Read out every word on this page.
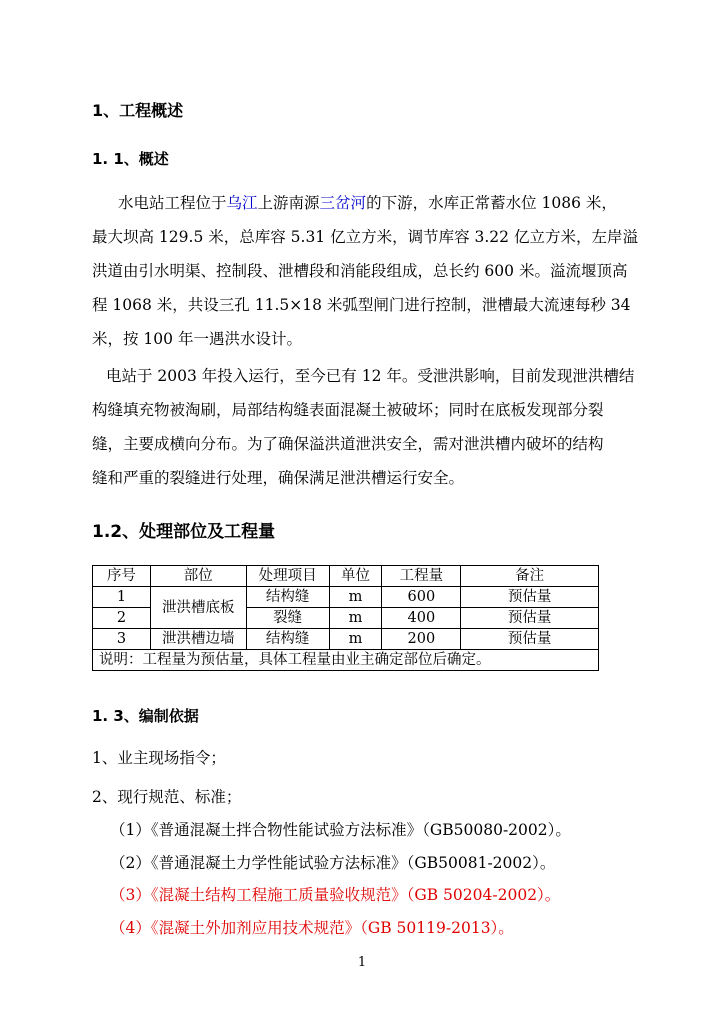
1、工程概述
1. 1、概述
水电站工程位于乌江上游南源三岔河的下游，水库正常蓄水位 1086 米，
最大坝高 129.5 米，总库容 5.31 亿立方米，调节库容 3.22 亿立方米，左岸溢
洪道由引水明渠、控制段、泄槽段和消能段组成，总长约 600 米。溢流堰顶高
程 1068 米，共设三孔 11.5×18 米弧型闸门进行控制，泄槽最大流速每秒 34
米，按 100 年一遇洪水设计。
电站于 2003 年投入运行，至今已有 12 年。受泄洪影响，目前发现泄洪槽结
构缝填充物被淘刷，局部结构缝表面混凝土被破坏；同时在底板发现部分裂
缝，主要成横向分布。为了确保溢洪道泄洪安全，需对泄洪槽内破坏的结构
缝和严重的裂缝进行处理，确保满足泄洪槽运行安全。
1.2、处理部位及工程量
序号	部位	处理项目	单位	工程量	备注
1	泄洪槽底板	结构缝	m	600	预估量
2		裂缝	m	400	预估量
3	泄洪槽边墙	结构缝	m	200	预估量
说明：工程量为预估量，具体工程量由业主确定部位后确定。					
1. 3、编制依据
1、业主现场指令；
2、现行规范、标准；
（1）《普通混凝土拌合物性能试验方法标准》（GB50080-2002）。
（2）《普通混凝土力学性能试验方法标准》（GB50081-2002）。
（3）《混凝土结构工程施工质量验收规范》（GB 50204-2002）。
（4）《混凝土外加剂应用技术规范》（GB 50119-2013）。
1
